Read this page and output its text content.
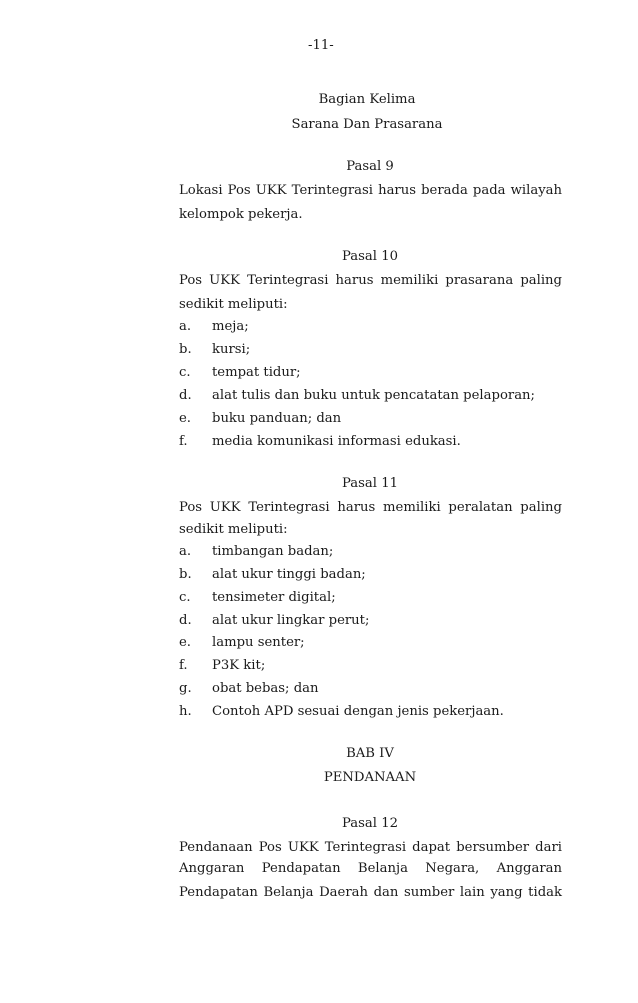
-11-
Bagian Kelima
Sarana Dan Prasarana
Pasal 9
Lokasi Pos UKK Terintegrasi harus berada pada wilayah
kelompok pekerja.
Pasal 10
Pos UKK Terintegrasi harus memiliki prasarana paling
sedikit meliputi:
a.	meja;
b.	kursi;
c.	tempat tidur;
d.	alat tulis dan buku untuk pencatatan pelaporan;
e.	buku panduan; dan
f.	media komunikasi informasi edukasi.
Pasal 11
Pos UKK Terintegrasi harus memiliki peralatan paling
sedikit meliputi:
a.	timbangan badan;
b.	alat ukur tinggi badan;
c.	tensimeter digital;
d.	alat ukur lingkar perut;
e.	lampu senter;
f.	P3K kit;
g.	obat bebas; dan
h.	Contoh APD sesuai dengan jenis pekerjaan.
BAB IV
PENDANAAN
Pasal 12
Pendanaan Pos UKK Terintegrasi dapat bersumber dari
Anggaran Pendapatan Belanja Negara, Anggaran
Pendapatan Belanja Daerah dan sumber lain yang tidak
